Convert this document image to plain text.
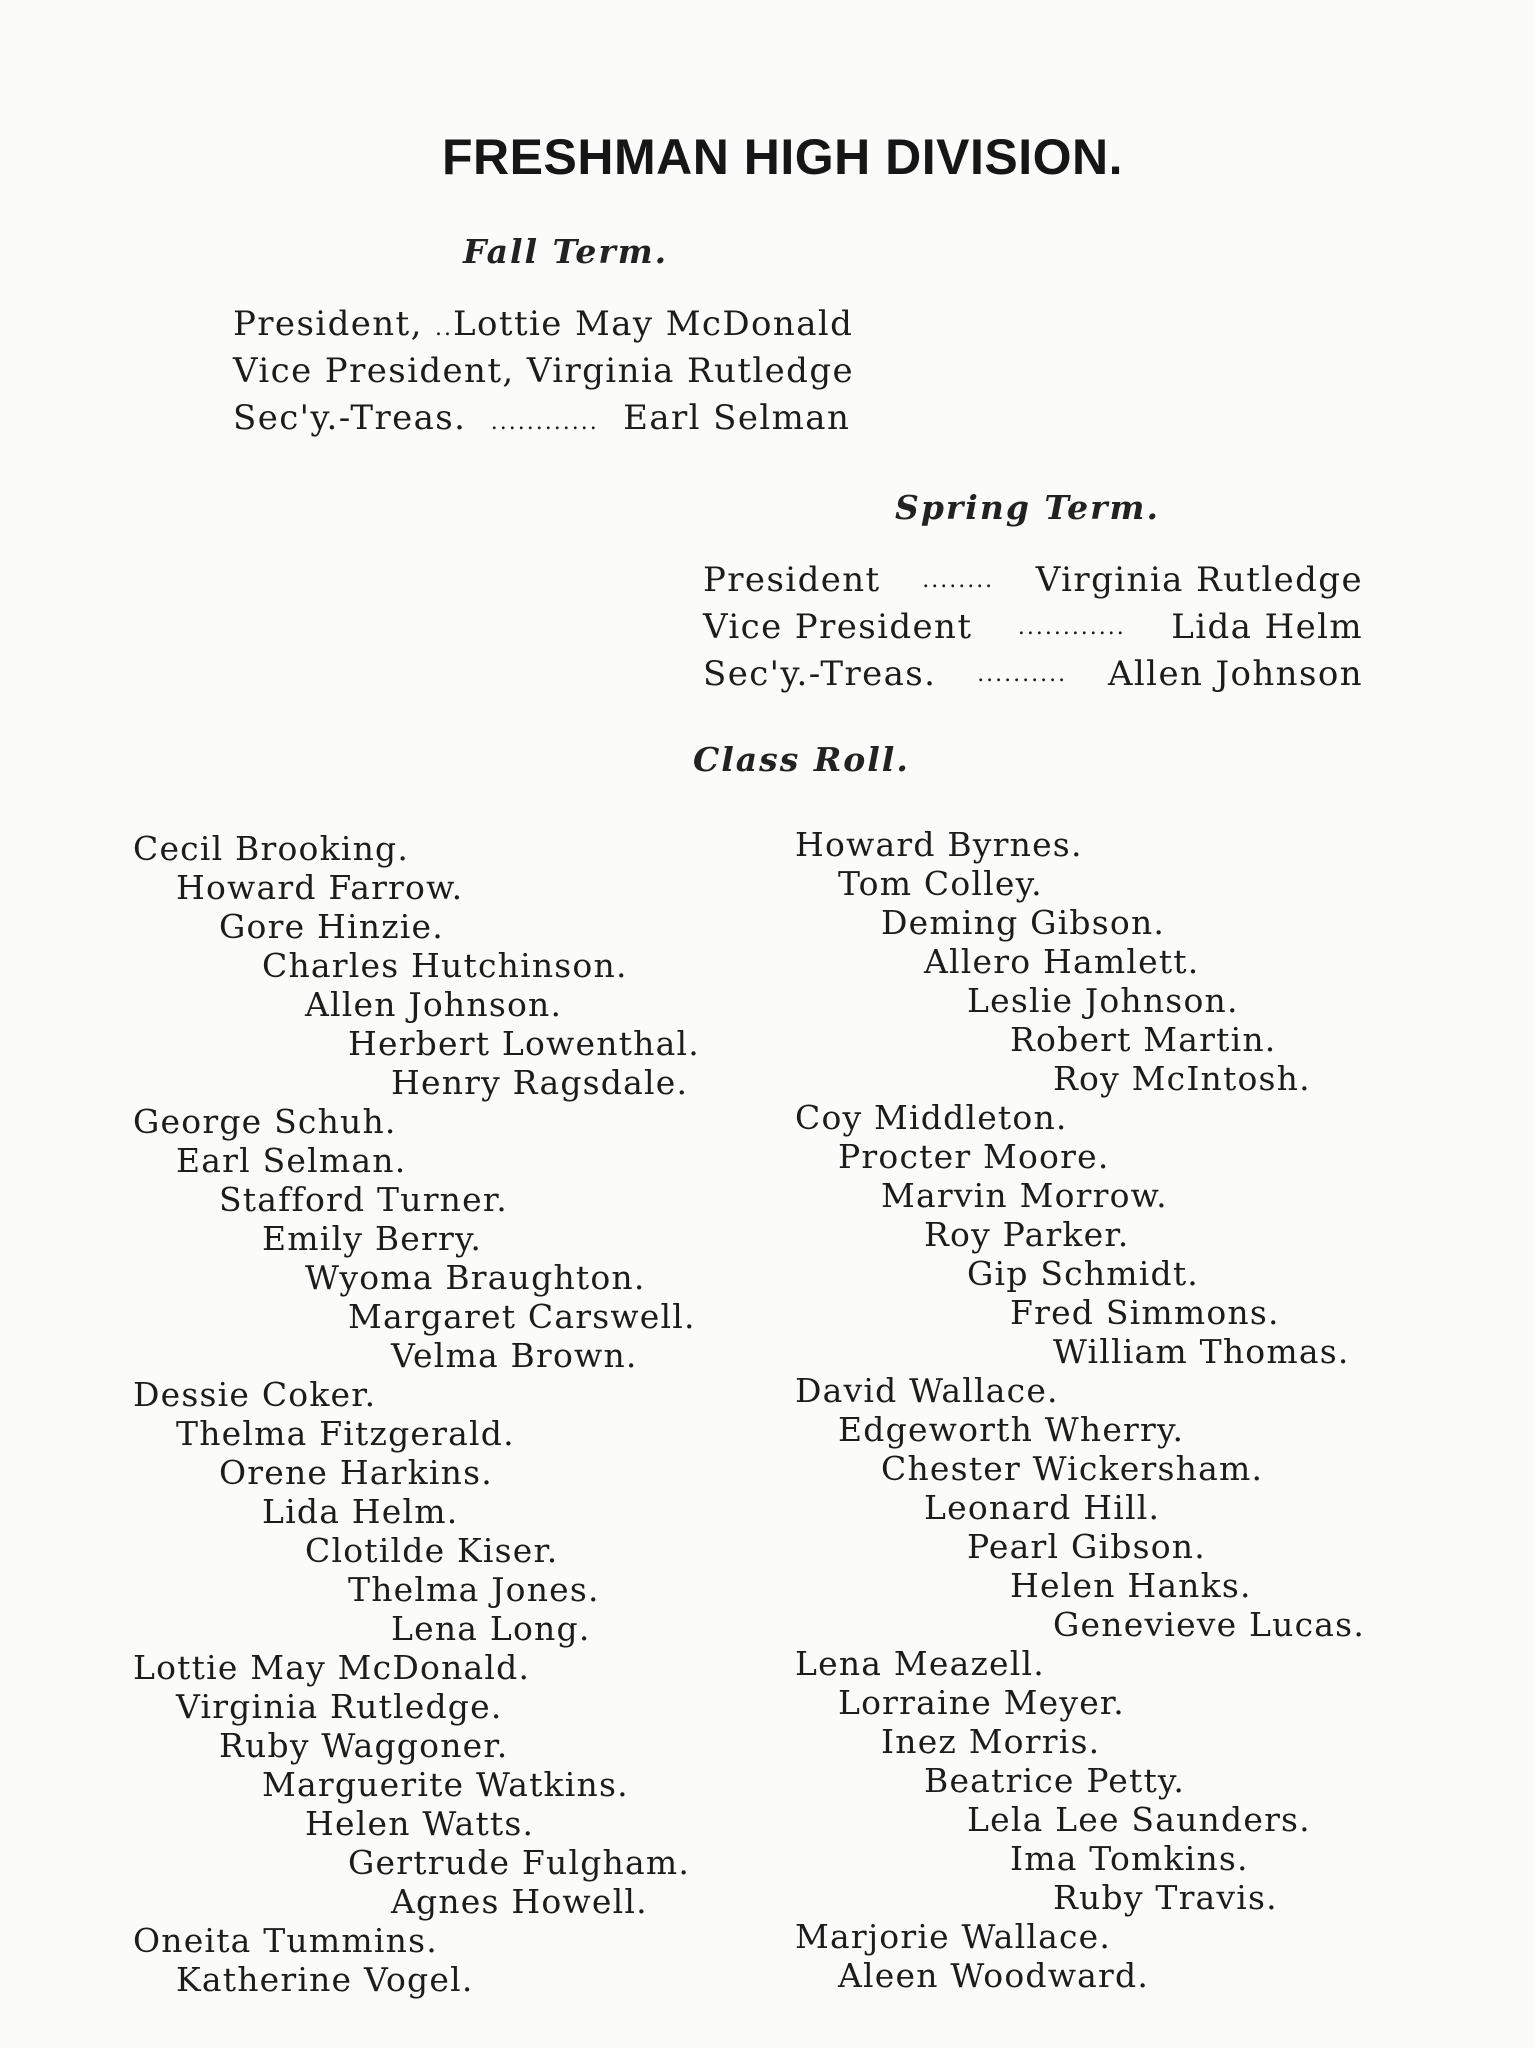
FRESHMAN HIGH DIVISION.
Fall Term.
President, ..Lottie May McDonald
Vice President, Virginia Rutledge
Sec'y.-Treas. ............ Earl Selman
Spring Term.
President ........ Virginia Rutledge
Vice President ............ Lida Helm
Sec'y.-Treas. .......... Allen Johnson
Class Roll.
Cecil Brooking.
Howard Farrow.
Gore Hinzie.
Charles Hutchinson.
Allen Johnson.
Herbert Lowenthal.
Henry Ragsdale.
George Schuh.
Earl Selman.
Stafford Turner.
Emily Berry.
Wyoma Braughton.
Margaret Carswell.
Velma Brown.
Dessie Coker.
Thelma Fitzgerald.
Orene Harkins.
Lida Helm.
Clotilde Kiser.
Thelma Jones.
Lena Long.
Lottie May McDonald.
Virginia Rutledge.
Ruby Waggoner.
Marguerite Watkins.
Helen Watts.
Gertrude Fulgham.
Agnes Howell.
Oneita Tummins.
Katherine Vogel.
Howard Byrnes.
Tom Colley.
Deming Gibson.
Allero Hamlett.
Leslie Johnson.
Robert Martin.
Roy McIntosh.
Coy Middleton.
Procter Moore.
Marvin Morrow.
Roy Parker.
Gip Schmidt.
Fred Simmons.
William Thomas.
David Wallace.
Edgeworth Wherry.
Chester Wickersham.
Leonard Hill.
Pearl Gibson.
Helen Hanks.
Genevieve Lucas.
Lena Meazell.
Lorraine Meyer.
Inez Morris.
Beatrice Petty.
Lela Lee Saunders.
Ima Tomkins.
Ruby Travis.
Marjorie Wallace.
Aleen Woodward.
